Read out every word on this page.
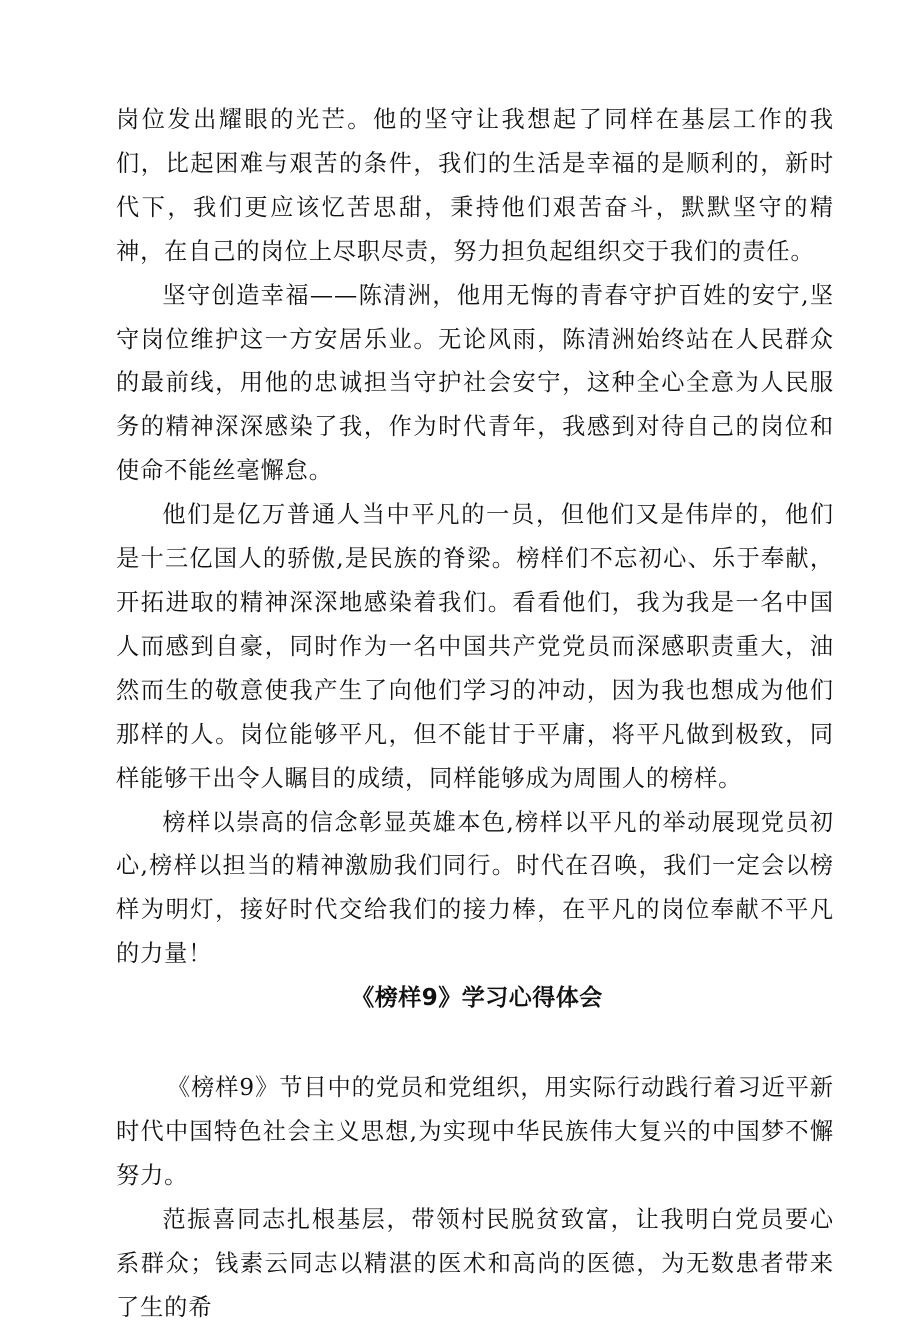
岗位发出耀眼的光芒。他的坚守让我想起了同样在基层工作的我们，比起困难与艰苦的条件，我们的生活是幸福的是顺利的，新时代下，我们更应该忆苦思甜，秉持他们艰苦奋斗，默默坚守的精神，在自己的岗位上尽职尽责，努力担负起组织交于我们的责任。

坚守创造幸福——陈清洲，他用无悔的青春守护百姓的安宁,坚守岗位维护这一方安居乐业。无论风雨，陈清洲始终站在人民群众的最前线，用他的忠诚担当守护社会安宁，这种全心全意为人民服务的精神深深感染了我，作为时代青年，我感到对待自己的岗位和使命不能丝毫懈怠。

他们是亿万普通人当中平凡的一员，但他们又是伟岸的，他们是十三亿国人的骄傲,是民族的脊梁。榜样们不忘初心、乐于奉献，开拓进取的精神深深地感染着我们。看看他们，我为我是一名中国人而感到自豪，同时作为一名中国共产党党员而深感职责重大，油然而生的敬意使我产生了向他们学习的冲动，因为我也想成为他们那样的人。岗位能够平凡，但不能甘于平庸，将平凡做到极致，同样能够干出令人瞩目的成绩，同样能够成为周围人的榜样。

榜样以崇高的信念彰显英雄本色,榜样以平凡的举动展现党员初心,榜样以担当的精神激励我们同行。时代在召唤，我们一定会以榜样为明灯，接好时代交给我们的接力棒，在平凡的岗位奉献不平凡的力量！

《榜样9》学习心得体会

《榜样9》节目中的党员和党组织，用实际行动践行着习近平新时代中国特色社会主义思想,为实现中华民族伟大复兴的中国梦不懈努力。

范振喜同志扎根基层，带领村民脱贫致富，让我明白党员要心系群众；钱素云同志以精湛的医术和高尚的医德，为无数患者带来了生的希
